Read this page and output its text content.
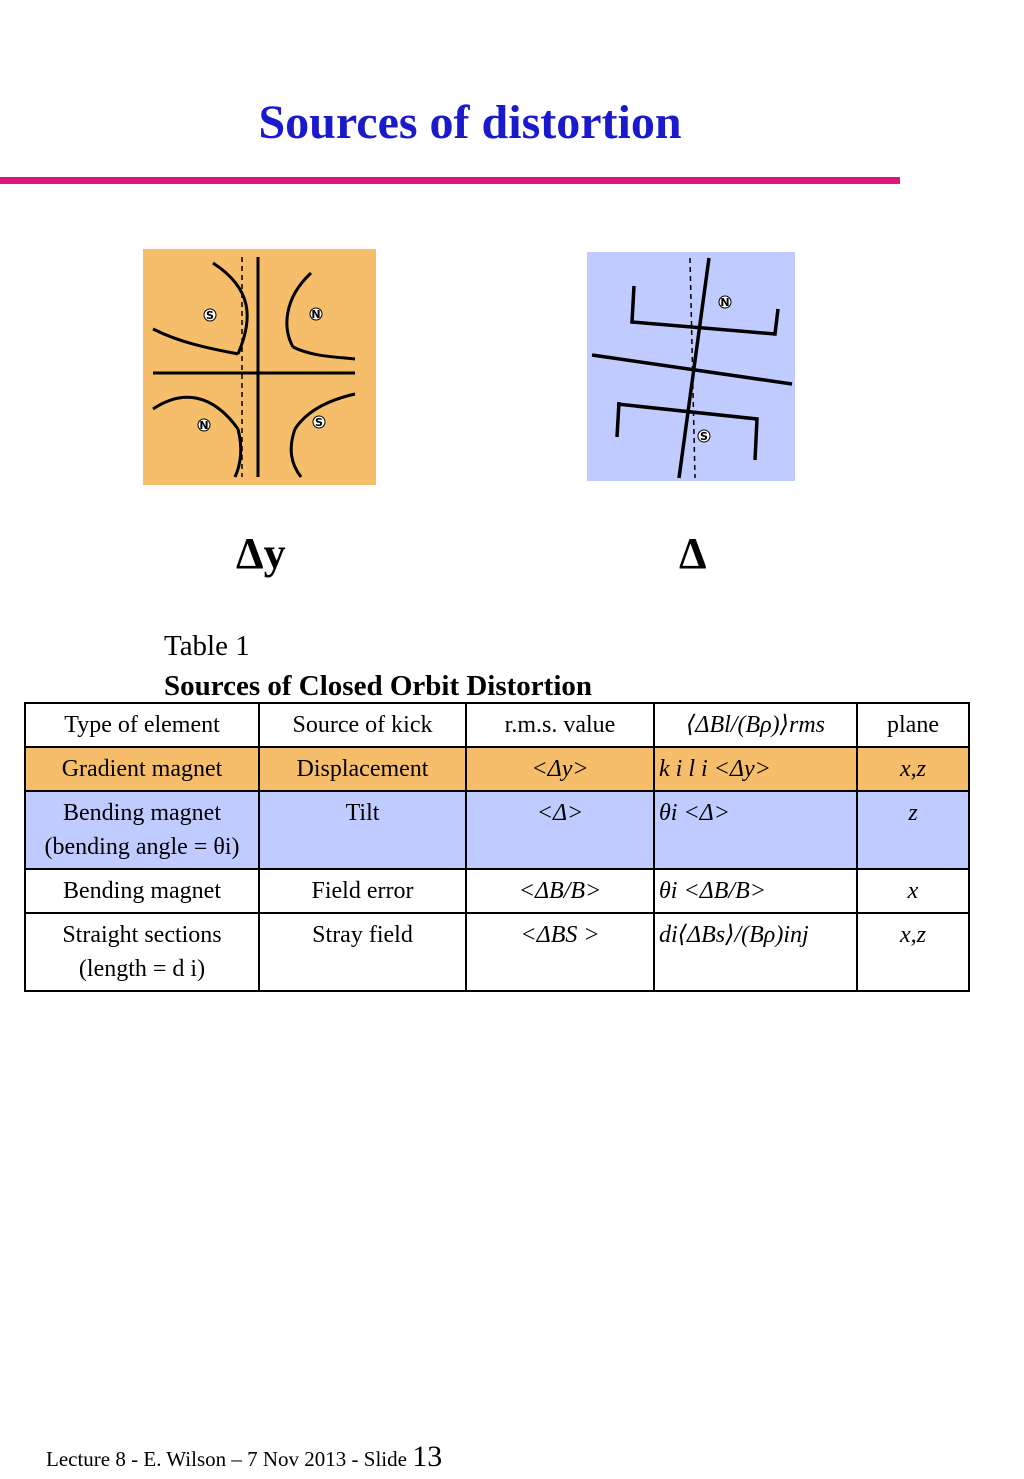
Sources of distortion
S	N
N	S
N
S
Δy	Δ
Table 1
Sources of Closed Orbit Distortion
Type of element	Source of kick	r.m.s. value	⟨ΔBl/(Bρ)⟩rms	plane
Gradient magnet	Displacement	<Δy>	k i l i <Δy>	x,z
Bending magnet (bending angle = θi)	Tilt	<Δ>	θi <Δ>	z
Bending magnet	Field error	<ΔB/B>	θi <ΔB/B>	x
Straight sections (length = d i)	Stray field	<ΔBS >	di⟨ΔBs⟩/(Bρ)inj	x,z
Lecture 8 - E. Wilson – 7 Nov 2013 - Slide 13
